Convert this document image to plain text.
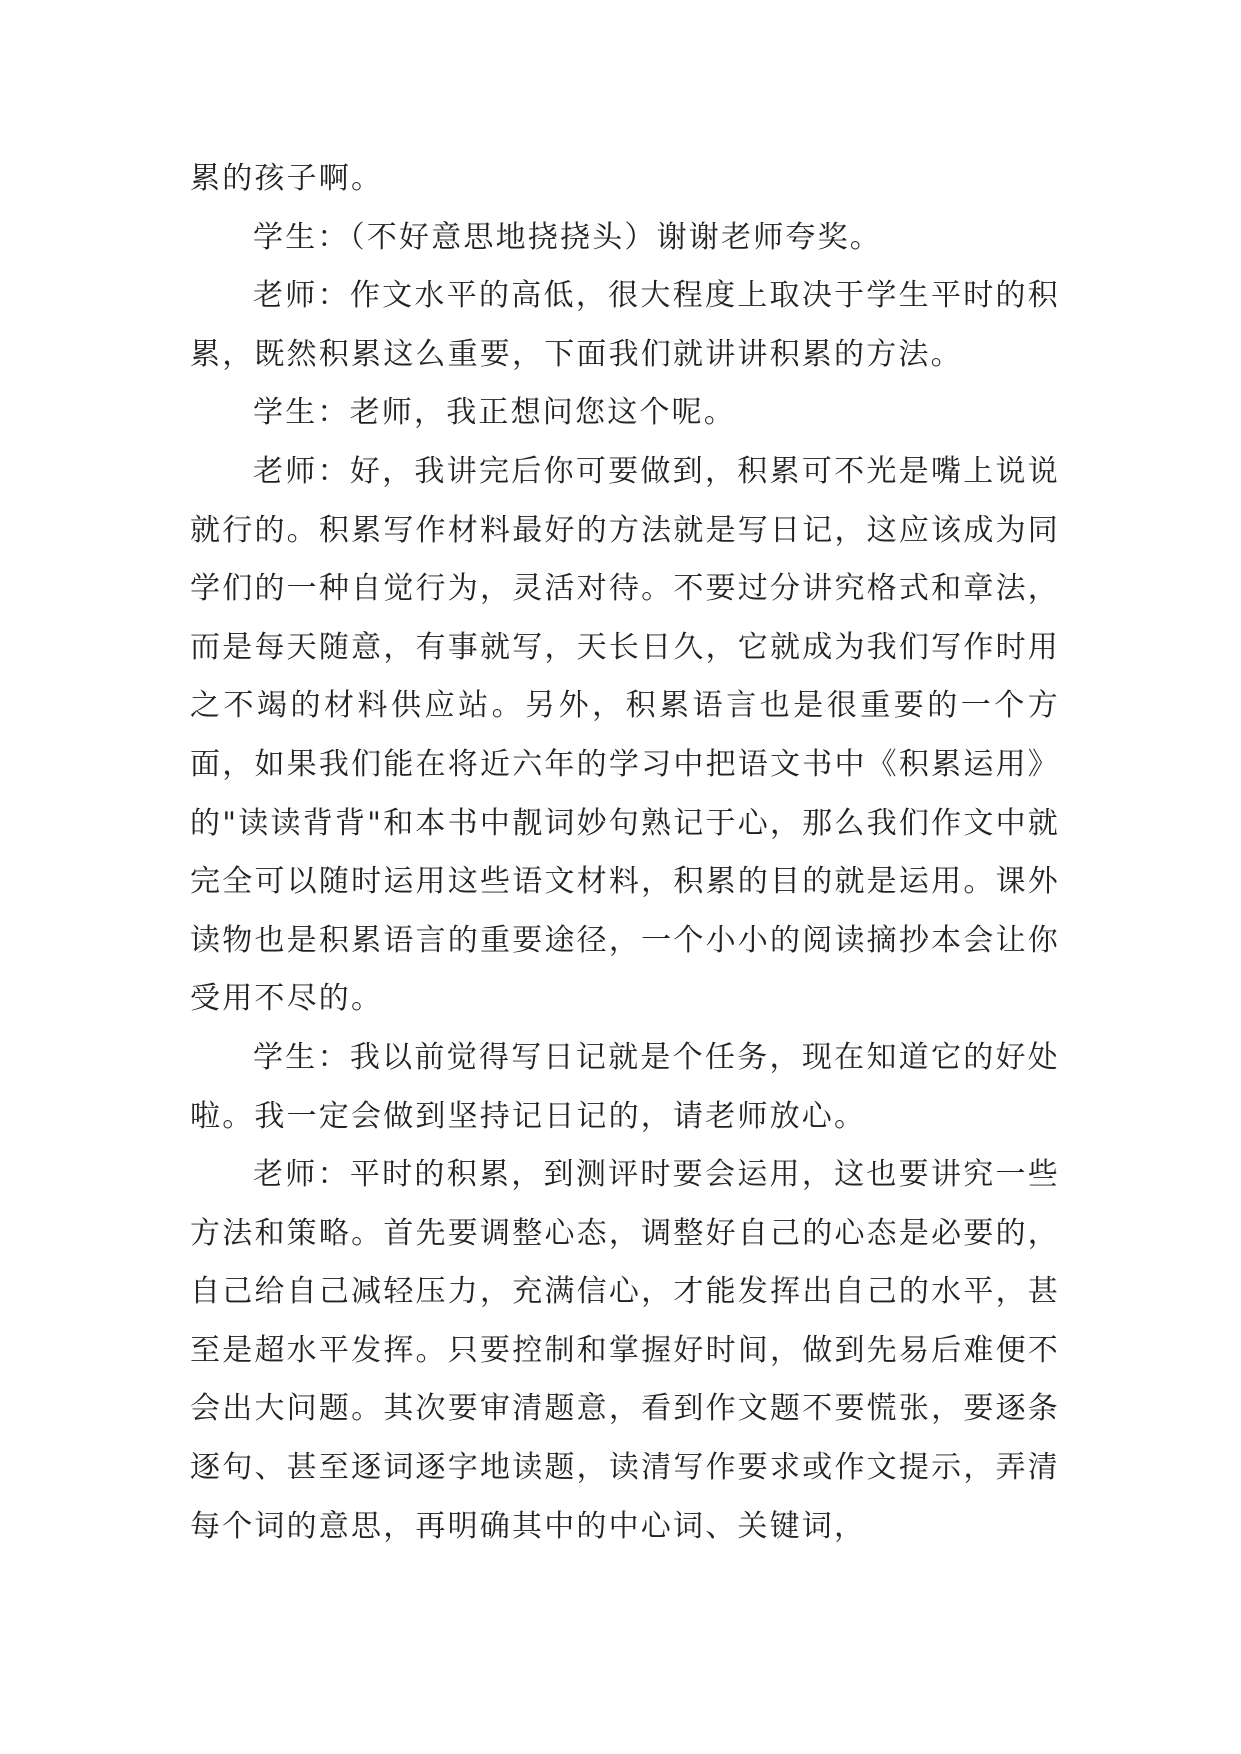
累的孩子啊。

学生：（不好意思地挠挠头）谢谢老师夸奖。

老师：作文水平的高低，很大程度上取决于学生平时的积累，既然积累这么重要，下面我们就讲讲积累的方法。

学生：老师，我正想问您这个呢。

老师：好，我讲完后你可要做到，积累可不光是嘴上说说就行的。积累写作材料最好的方法就是写日记，这应该成为同学们的一种自觉行为，灵活对待。不要过分讲究格式和章法，而是每天随意，有事就写，天长日久，它就成为我们写作时用之不竭的材料供应站。另外，积累语言也是很重要的一个方面，如果我们能在将近六年的学习中把语文书中《积累运用》的"读读背背"和本书中靓词妙句熟记于心，那么我们作文中就完全可以随时运用这些语文材料，积累的目的就是运用。课外读物也是积累语言的重要途径，一个小小的阅读摘抄本会让你受用不尽的。

学生：我以前觉得写日记就是个任务，现在知道它的好处啦。我一定会做到坚持记日记的，请老师放心。

老师：平时的积累，到测评时要会运用，这也要讲究一些方法和策略。首先要调整心态，调整好自己的心态是必要的，自己给自己减轻压力，充满信心，才能发挥出自己的水平，甚至是超水平发挥。只要控制和掌握好时间，做到先易后难便不会出大问题。其次要审清题意，看到作文题不要慌张，要逐条逐句、甚至逐词逐字地读题，读清写作要求或作文提示，弄清每个词的意思，再明确其中的中心词、关键词，
